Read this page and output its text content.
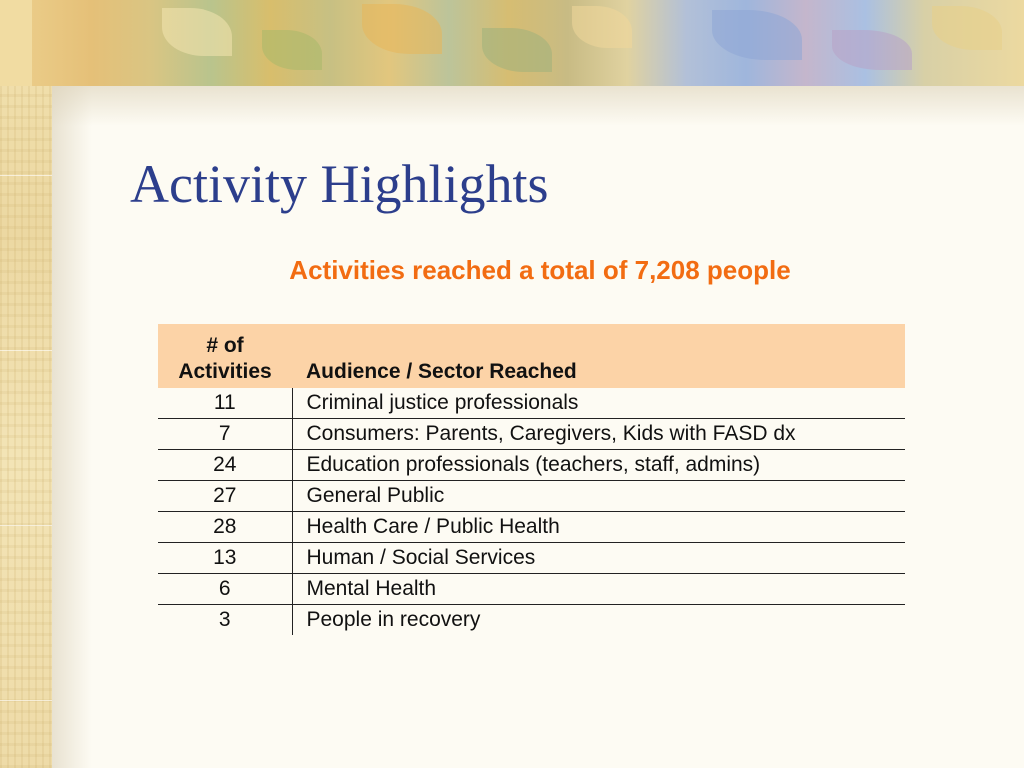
Activity Highlights
Activities reached a total of 7,208 people
# of
Activities	Audience / Sector Reached
11	Criminal justice professionals
7	Consumers: Parents, Caregivers, Kids with FASD dx
24	Education professionals (teachers, staff, admins)
27	General Public
28	Health Care / Public Health
13	Human / Social Services
6	Mental Health
3	People in recovery
